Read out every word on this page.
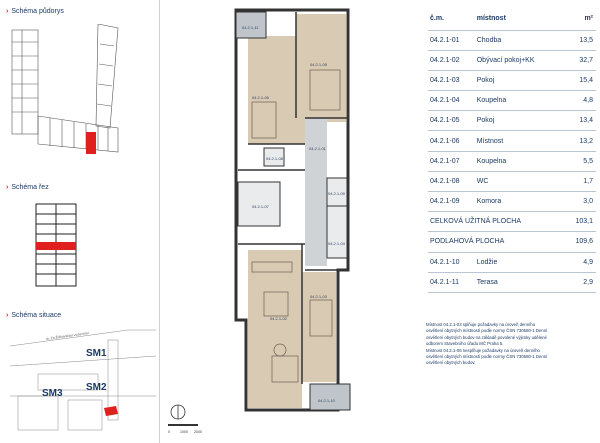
› Schéma půdorys
› Schéma řez
› Schéma situace
ul. Za Žižkovskou vozovnou
SM1
SM2
SM3
04.2.1-11
04.2.1-05
04.2.1-06
04.2.1-01
04.2.1-08
04.2.1-09
04.2.1-07
04.2.1-04
04.2.1-02
04.2.1-03
04.2.1-10
0	1000 2000
č.m.	místnost	m²
04.2.1-01	Chodba	13,5
04.2.1-02	Obývací pokoj+KK	32,7
04.2.1-03	Pokoj	15,4
04.2.1-04	Koupelna	4,8
04.2.1-05	Pokoj	13,4
04.2.1-06	Místnost	13,2
04.2.1-07	Koupelna	5,5
04.2.1-08	WC	1,7
04.2.1-09	Komora	3,0
CELKOVÁ UŽITNÁ PLOCHA		103,1
PODLAHOVÁ PLOCHA		109,6
04.2.1-10	Lodžie	4,9
04.2.1-11	Terasa	2,9
Místnost 04.2.1-03 splňuje požadavky na úroveň denního
osvětlení obytných místností podle normy ČSN 730580-1 Denní
osvětlení obytných budov na základě povolené výjimky udělené
odborem Stavebního úřadu MČ Praha 5.
Místnost 04.2.1-06 nesplňuje požadavky na úroveň denního
osvětlení obytných místností podle normy ČSN 730580-1 Denní
osvětlení obytných budov.
